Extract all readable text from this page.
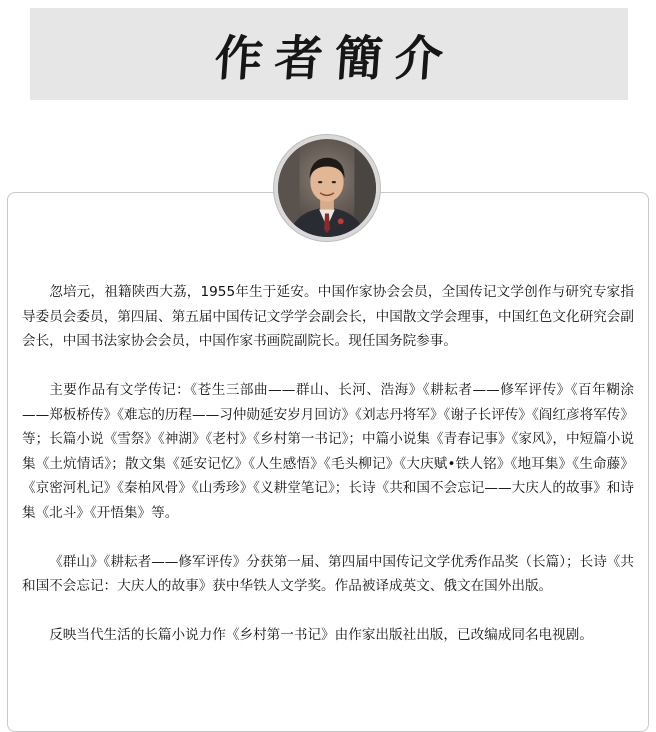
作者簡介

忽培元，祖籍陕西大荔，1955年生于延安。中国作家协会会员，全国传记文学创作与研究专家指导委员会委员，第四届、第五届中国传记文学学会副会长，中国散文学会理事，中国红色文化研究会副会长，中国书法家协会会员，中国作家书画院副院长。现任国务院参事。

主要作品有文学传记：《苍生三部曲——群山、长河、浩海》《耕耘者——修军评传》《百年糊涂——郑板桥传》《难忘的历程——习仲勋延安岁月回访》《刘志丹将军》《谢子长评传》《阎红彦将军传》等；长篇小说《雪祭》《神湖》《老村》《乡村第一书记》；中篇小说集《青春记事》《家风》，中短篇小说集《土炕情话》；散文集《延安记忆》《人生感悟》《毛头柳记》《大庆赋•铁人铭》《地耳集》《生命藤》《京密河札记》《秦柏风骨》《山秀珍》《义耕堂笔记》；长诗《共和国不会忘记——大庆人的故事》和诗集《北斗》《开悟集》等。

《群山》《耕耘者——修军评传》分获第一届、第四届中国传记文学优秀作品奖（长篇）；长诗《共和国不会忘记：大庆人的故事》获中华铁人文学奖。作品被译成英文、俄文在国外出版。

反映当代生活的长篇小说力作《乡村第一书记》由作家出版社出版，已改编成同名电视剧。
